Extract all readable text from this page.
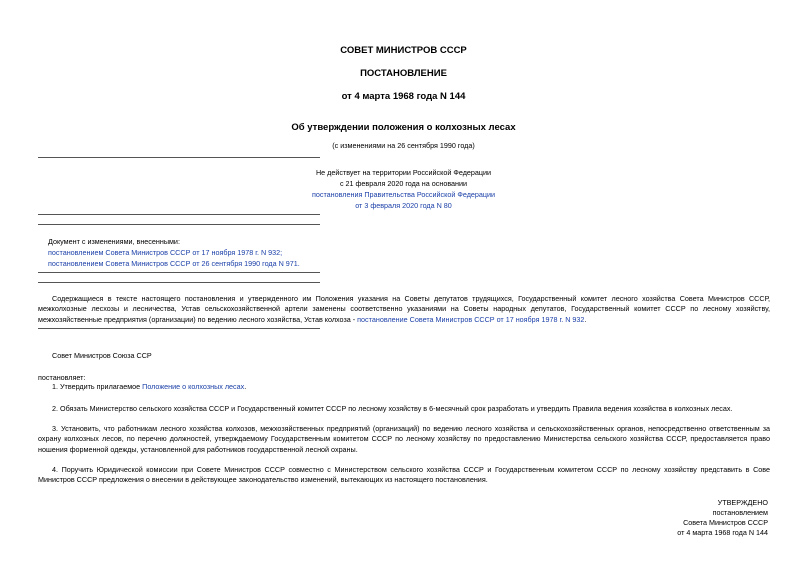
СОВЕТ МИНИСТРОВ СССР
ПОСТАНОВЛЕНИЕ
от 4 марта 1968 года N 144
Об утверждении положения о колхозных лесах
(с изменениями на 26 сентября 1990 года)
Не действует на территории Российской Федерации
с 21 февраля 2020 года на основании
постановления Правительства Российской Федерации
от 3 февраля 2020 года N 80
Документ с изменениями, внесенными:
постановлением Совета Министров СССР от 17 ноября 1978 г. N 932;
постановлением Совета Министров СССР от 26 сентября 1990 года N 971.
Содержащиеся в тексте настоящего постановления и утвержденного им Положения указания на Советы депутатов трудящихся, Государственный комитет лесного хозяйства Совета Министров СССР, межколхозные лесхозы и лесничества, Устав сельскохозяйственной артели заменены соответственно указаниями на Советы народных депутатов, Государственный комитет СССР по лесному хозяйству, межхозяйственные предприятия (организации) по ведению лесного хозяйства, Устав колхоза - постановление Совета Министров СССР от 17 ноября 1978 г. N 932.
Совет Министров Союза ССР
постановляет:
1. Утвердить прилагаемое Положение о колхозных лесах.
2. Обязать Министерство сельского хозяйства СССР и Государственный комитет СССР по лесному хозяйству в 6-месячный срок разработать и утвердить Правила ведения хозяйства в колхозных лесах.
3. Установить, что работникам лесного хозяйства колхозов, межхозяйственных предприятий (организаций) по ведению лесного хозяйства и сельскохозяйственных органов, непосредственно ответственным за охрану колхозных лесов, по перечню должностей, утверждаемому Государственным комитетом СССР по лесному хозяйству по предоставлению Министерства сельского хозяйства СССР, предоставляется право ношения форменной одежды, установленной для работников государственной лесной охраны.
4. Поручить Юридической комиссии при Совете Министров СССР совместно с Министерством сельского хозяйства СССР и Государственным комитетом СССР по лесному хозяйству представить в Сове Министров СССР предложения о внесении в действующее законодательство изменений, вытекающих из настоящего постановления.
УТВЕРЖДЕНО
постановлением
Совета Министров СССР
от 4 марта 1968 года N 144
